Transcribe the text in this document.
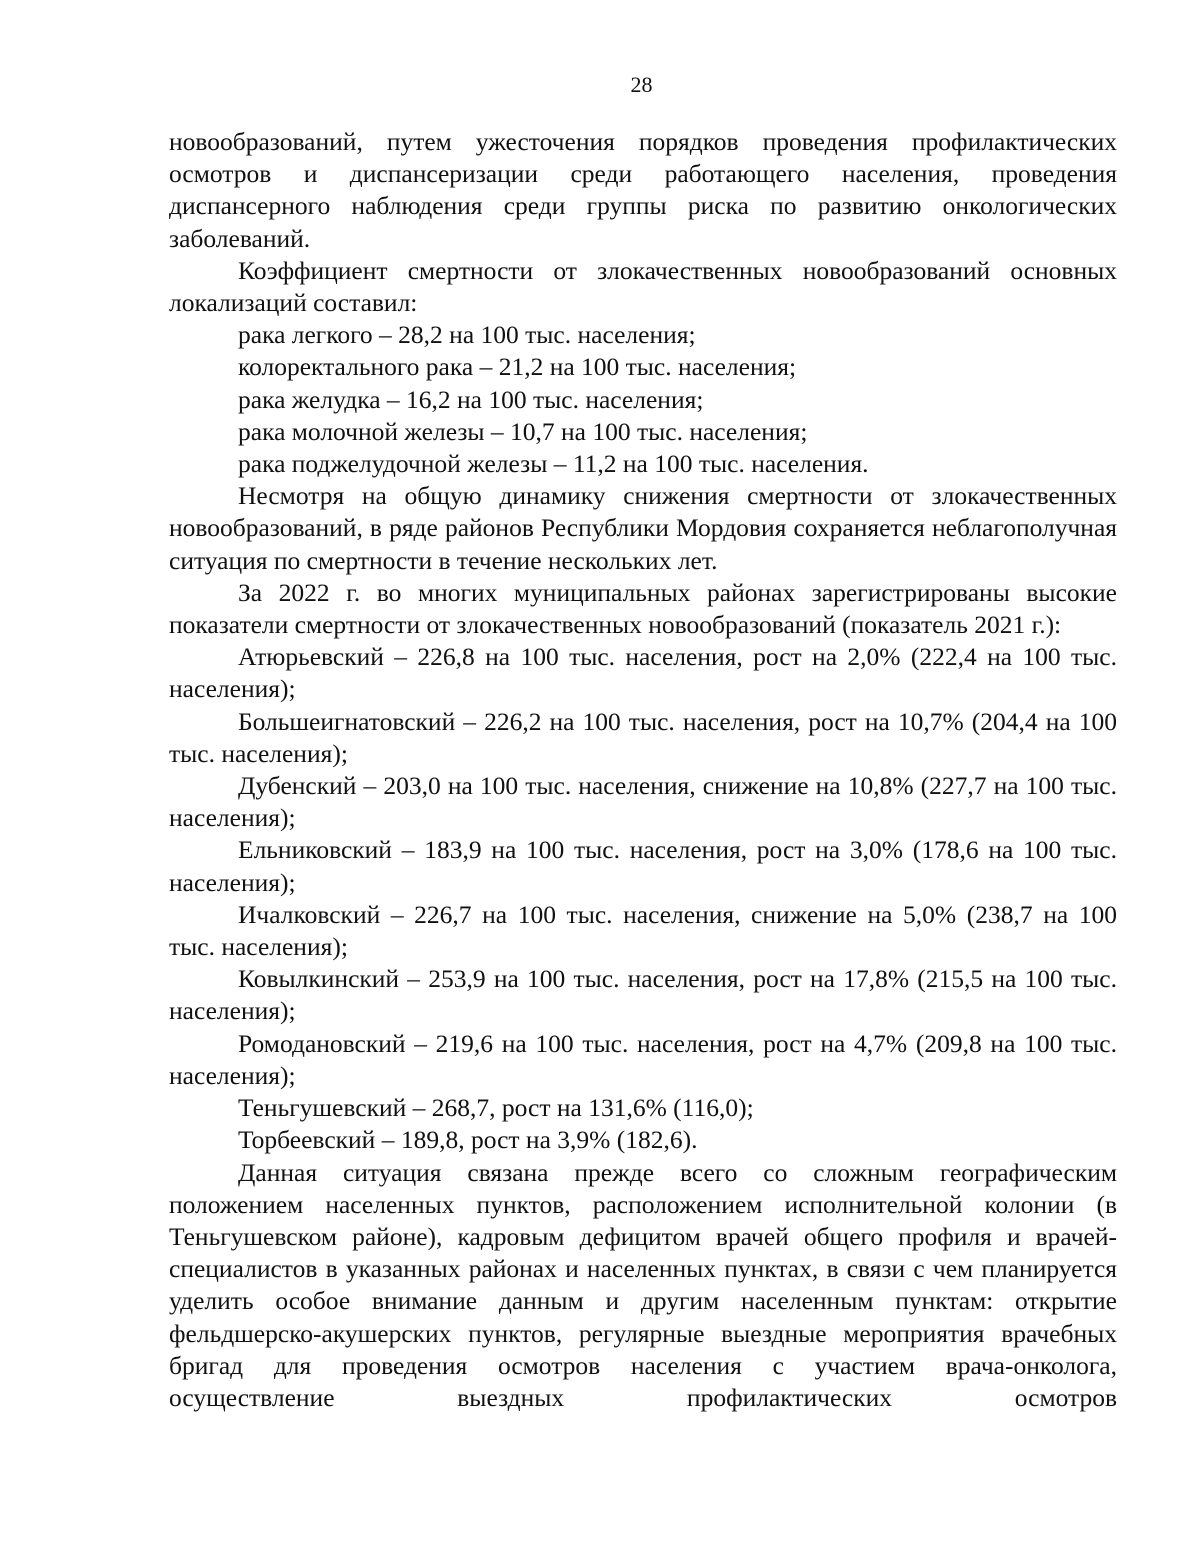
28

новообразований, путем ужесточения порядков проведения профилактических осмотров и диспансеризации среди работающего населения, проведения диспансерного наблюдения среди группы риска по развитию онкологических заболеваний.

Коэффициент смертности от злокачественных новообразований основных локализаций составил:

рака легкого – 28,2 на 100 тыс. населения;

колоректального рака – 21,2 на 100 тыс. населения;

рака желудка – 16,2 на 100 тыс. населения;

рака молочной железы – 10,7 на 100 тыс. населения;

рака поджелудочной железы – 11,2 на 100 тыс. населения.

Несмотря на общую динамику снижения смертности от злокачественных новообразований, в ряде районов Республики Мордовия сохраняется неблагополучная ситуация по смертности в течение нескольких лет.

За 2022 г. во многих муниципальных районах зарегистрированы высокие показатели смертности от злокачественных новообразований (показатель 2021 г.):

Атюрьевский – 226,8 на 100 тыс. населения, рост на 2,0% (222,4 на 100 тыс. населения);

Большеигнатовский – 226,2 на 100 тыс. населения, рост на 10,7% (204,4 на 100 тыс. населения);

Дубенский – 203,0 на 100 тыс. населения, снижение на 10,8% (227,7 на 100 тыс. населения);

Ельниковский – 183,9 на 100 тыс. населения, рост на 3,0% (178,6 на 100 тыс. населения);

Ичалковский – 226,7 на 100 тыс. населения, снижение на 5,0% (238,7 на 100 тыс. населения);

Ковылкинский – 253,9 на 100 тыс. населения, рост на 17,8% (215,5 на 100 тыс. населения);

Ромодановский – 219,6 на 100 тыс. населения, рост на 4,7% (209,8 на 100 тыс. населения);

Теньгушевский – 268,7, рост на 131,6% (116,0);

Торбеевский – 189,8, рост на 3,9% (182,6).

Данная ситуация связана прежде всего со сложным географическим положением населенных пунктов, расположением исполнительной колонии (в Теньгушевском районе), кадровым дефицитом врачей общего профиля и врачей-специалистов в указанных районах и населенных пунктах, в связи с чем планируется уделить особое внимание данным и другим населенным пунктам: открытие фельдшерско-акушерских пунктов, регулярные выездные мероприятия врачебных бригад для проведения осмотров населения с участием врача-онколога, осуществление выездных профилактических осмотров
